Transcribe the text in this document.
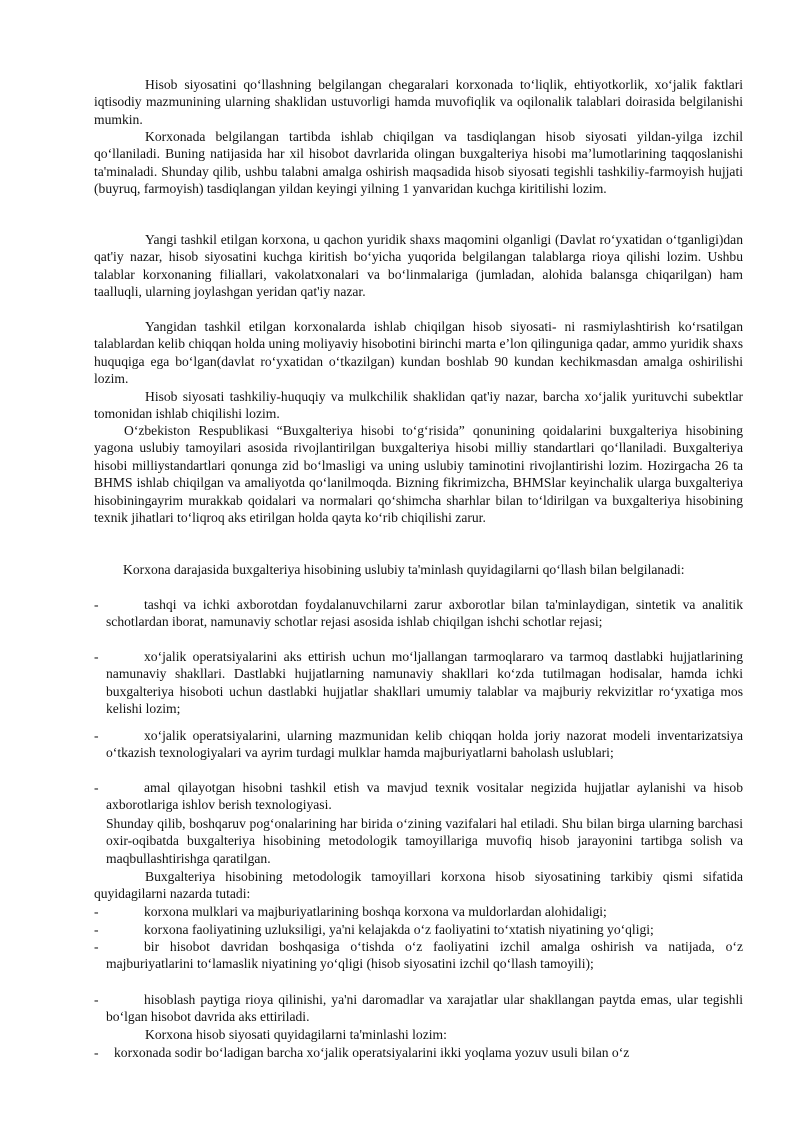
Hisob siyosatini qo‘llashning belgilangan chegaralari korxonada to‘liqlik, ehtiyotkorlik, xo‘jalik faktlari iqtisodiy mazmunining ularning shaklidan ustuvorligi hamda muvofiqlik va oqilonalik talablari doirasida belgilanishi mumkin.

Korxonada belgilangan tartibda ishlab chiqilgan va tasdiqlangan hisob siyosati yildan-yilga izchil qo‘llaniladi. Buning natijasida har xil hisobot davrlarida olingan buxgalteriya hisobi ma’lumotlarining taqqoslanishi ta'minaladi. Shunday qilib, ushbu talabni amalga oshirish maqsadida hisob siyosati tegishli tashkiliy-farmoyish hujjati (buyruq, farmoyish) tasdiqlangan yildan keyingi yilning 1 yanvaridan kuchga kiritilishi lozim.

Yangi tashkil etilgan korxona, u qachon yuridik shaxs maqomini olganligi (Davlat ro‘yxatidan o‘tganligi)dan qat'iy nazar, hisob siyosatini kuchga kiritish bo‘yicha yuqorida belgilangan talablarga rioya qilishi lozim. Ushbu talablar korxonaning filiallari, vakolatxonalari va bo‘linmalariga (jumladan, alohida balansga chiqarilgan) ham taalluqli, ularning joylashgan yeridan qat'iy nazar.

Yangidan tashkil etilgan korxonalarda ishlab chiqilgan hisob siyosati- ni rasmiylashtirish ko‘rsatilgan talablardan kelib chiqqan holda uning moliyaviy hisobotini birinchi marta e’lon qilinguniga qadar, ammo yuridik shaxs huquqiga ega bo‘lgan(davlat ro‘yxatidan o‘tkazilgan) kundan boshlab 90 kundan kechikmasdan amalga oshirilishi lozim.

Hisob siyosati tashkiliy-huquqiy va mulkchilik shaklidan qat'iy nazar, barcha xo‘jalik yurituvchi subektlar tomonidan ishlab chiqilishi lozim.

O‘zbekiston Respublikasi “Buxgalteriya hisobi to‘g‘risida” qonunining qoidalarini buxgalteriya hisobining yagona uslubiy tamoyilari asosida rivojlantirilgan buxgalteriya hisobi milliy standartlari qo‘llaniladi. Buxgalteriya hisobi milliystandartlari qonunga zid bo‘lmasligi va uning uslubiy taminotini rivojlantirishi lozim. Hozirgacha 26 ta BHMS ishlab chiqilgan va amaliyotda qo‘lanilmoqda. Bizning fikrimizcha, BHMSlar keyinchalik ularga buxgalteriya hisobiningayrim murakkab qoidalari va normalari qo‘shimcha sharhlar bilan to‘ldirilgan va buxgalteriya hisobining texnik jihatlari to‘liqroq aks etirilgan holda qayta ko‘rib chiqilishi zarur.

Korxona darajasida buxgalteriya hisobining uslubiy ta'minlash quyidagilarni qo‘llash bilan belgilanadi:

-	tashqi va ichki axborotdan foydalanuvchilarni zarur axborotlar bilan ta'minlaydigan, sintetik va analitik schotlardan iborat, namunaviy schotlar rejasi asosida ishlab chiqilgan ishchi schotlar rejasi;
-	xo‘jalik operatsiyalarini aks ettirish uchun mo‘ljallangan tarmoqlararo va tarmoq dastlabki hujjatlarining namunaviy shakllari. Dastlabki hujjatlarning namunaviy shakllari ko‘zda tutilmagan hodisalar, hamda ichki buxgalteriya hisoboti uchun dastlabki hujjatlar shakllari umumiy talablar va majburiy rekvizitlar ro‘yxatiga mos kelishi lozim;
-	xo‘jalik operatsiyalarini, ularning mazmunidan kelib chiqqan holda joriy nazorat modeli inventarizatsiya o‘tkazish texnologiyalari va ayrim turdagi mulklar hamda majburiyatlarni baholash uslublari;
-	amal qilayotgan hisobni tashkil etish va mavjud texnik vositalar negizida hujjatlar aylanishi va hisob axborotlariga ishlov berish texnologiyasi.

Shunday qilib, boshqaruv pog‘onalarining har birida o‘zining vazifalari hal etiladi. Shu bilan birga ularning barchasi oxir-oqibatda buxgalteriya hisobining metodologik tamoyillariga muvofiq hisob jarayonini tartibga solish va maqbullashtirishga qaratilgan.

Buxgalteriya hisobining metodologik tamoyillari korxona hisob siyosatining tarkibiy qismi sifatida quyidagilarni nazarda tutadi:

-	korxona mulklari va majburiyatlarining boshqa korxona va muldorlardan alohidaligi;
-	korxona faoliyatining uzluksiligi, ya'ni kelajakda o‘z faoliyatini to‘xtatish niyatining yo‘qligi;
-	bir hisobot davridan boshqasiga o‘tishda o‘z faoliyatini izchil amalga oshirish va natijada, o‘z majburiyatlarini to‘lamaslik niyatining yo‘qligi (hisob siyosatini izchil qo‘llash tamoyili);
-	hisoblash paytiga rioya qilinishi, ya'ni daromadlar va xarajatlar ular shakllangan paytda emas, ular tegishli bo‘lgan hisobot davrida aks ettiriladi.

Korxona hisob siyosati quyidagilarni ta'minlashi lozim:

-	korxonada sodir bo‘ladigan barcha xo‘jalik operatsiyalarini ikki yoqlama yozuv usuli bilan o‘z
